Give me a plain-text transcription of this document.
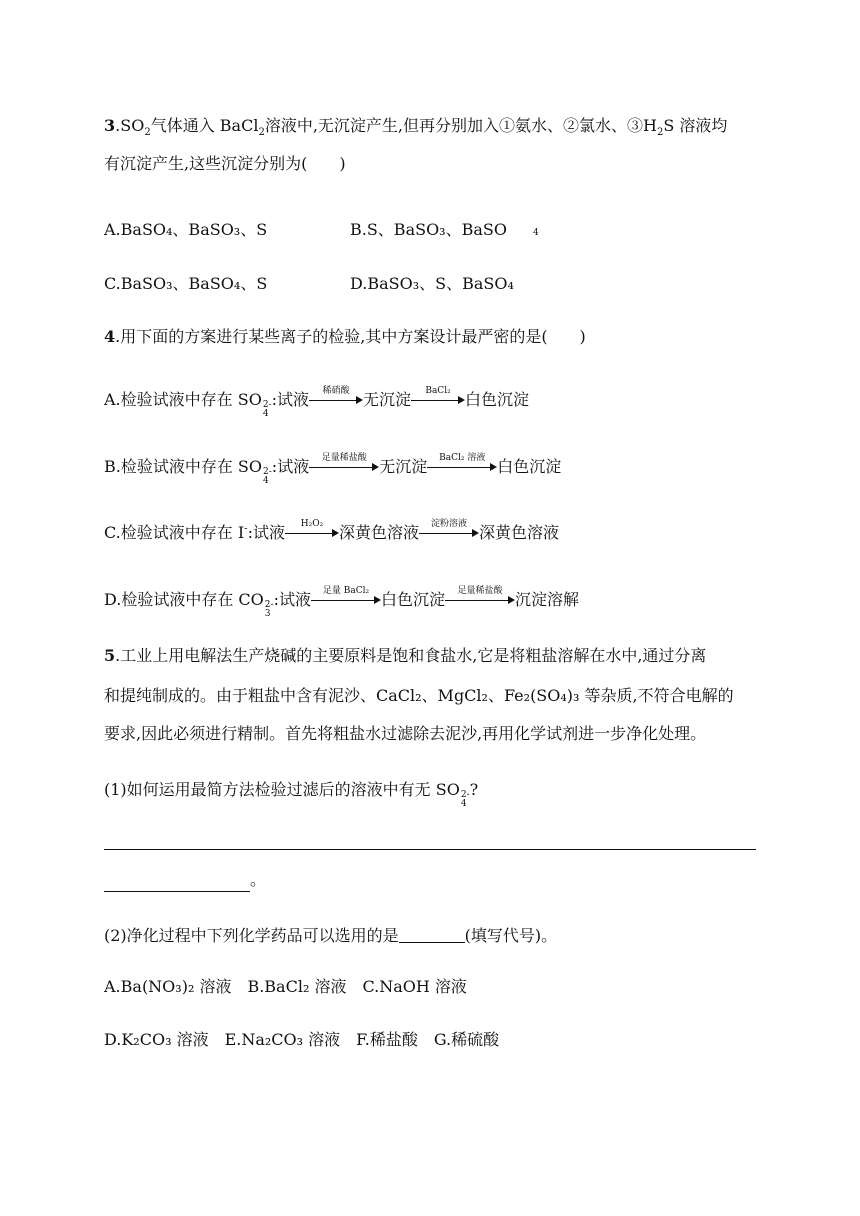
$3.SO_2$气体通入 BaCl$_2$溶液中,无沉淀产生,但再分别加入①氨水、②氯水、$③H_2S$ 溶液均
有沉淀产生,这些沉淀分别为(　　)
A.BaSO₄、BaSO₃、S	B.S、BaSO₃、BaSO	4
C.BaSO₃、BaSO₄、S	D.BaSO₃、S、BaSO₄
4.用下面的方案进行某些离子的检验,其中方案设计最严密的是(　　)
A.检验试液中存在 SO 2-
4
:试液	稀硝酸 无沉淀	BaCl₂ 白色沉淀
B.检验试液中存在 SO 2-
4
:试液	足量稀盐酸 无沉淀	BaCl₂ 溶液 白色沉淀
C.检验试液中存在 I-:试液	H₂O₂ 深黄色溶液	淀粉溶液 深黄色溶液
D.检验试液中存在 CO 2-
3
:试液	足量 BaCl₂ 白色沉淀	足量稀盐酸 沉淀溶解
5.工业上用电解法生产烧碱的主要原料是饱和食盐水,它是将粗盐溶解在水中,通过分离
和提纯制成的。由于粗盐中含有泥沙、CaCl₂、MgCl₂、Fe₂(SO₄)₃ 等杂质,不符合电解的
要求,因此必须进行精制。首先将粗盐水过滤除去泥沙,再用化学试剂进一步净化处理。
(1)如何运用最简方法检验过滤后的溶液中有无 SO 2-
4
?
。
(2)净化过程中下列化学药品可以选用的是	(填写代号)。
A.Ba(NO₃)₂ 溶液　B.BaCl₂ 溶液　C.NaOH 溶液
D.K₂CO₃ 溶液　E.Na₂CO₃ 溶液　F.稀盐酸　G.稀硫酸
